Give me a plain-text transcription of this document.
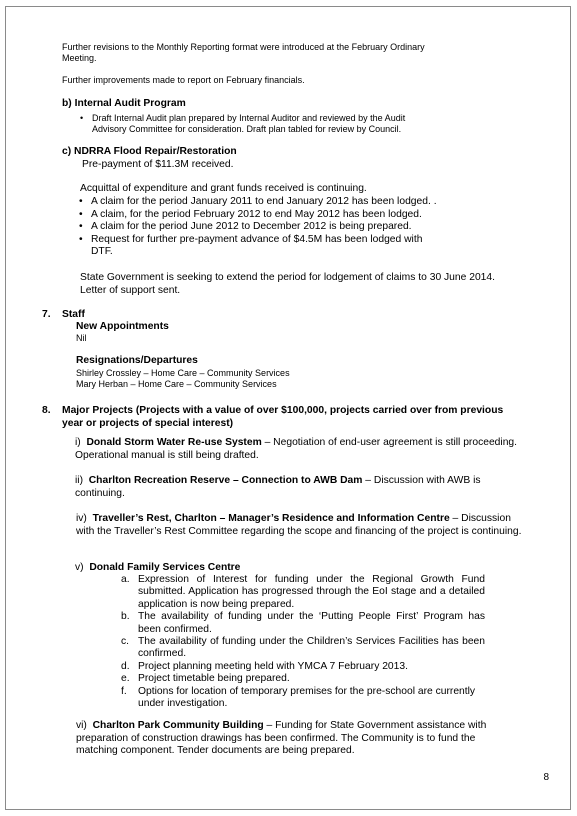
Further revisions to the Monthly Reporting format were introduced at the February Ordinary Meeting.

Further improvements made to report on February financials.

b) Internal Audit Program

• Draft Internal Audit plan prepared by Internal Auditor and reviewed by the Audit Advisory Committee for consideration. Draft plan tabled for review by Council.

c) NDRRA Flood Repair/Restoration

Pre-payment of $11.3M received.

Acquittal of expenditure and grant funds received is continuing.

• A claim for the period January 2011 to end January 2012 has been lodged. .
• A claim, for the period February 2012 to end May 2012 has been lodged.
• A claim for the period June 2012 to December 2012 is being prepared.
• Request for further pre-payment advance of $4.5M has been lodged with DTF.

State Government is seeking to extend the period for lodgement of claims to 30 June 2014. Letter of support sent.

7. Staff

New Appointments

Nil

Resignations/Departures

Shirley Crossley – Home Care – Community Services

Mary Herban – Home Care – Community Services

8. Major Projects (Projects with a value of over $100,000, projects carried over from previous year or projects of special interest)
i) Donald Storm Water Re-use System – Negotiation of end-user agreement is still proceeding. Operational manual is still being drafted.
ii) Charlton Recreation Reserve – Connection to AWB Dam – Discussion with AWB is continuing.
iv) Traveller’s Rest, Charlton – Manager’s Residence and Information Centre – Discussion with the Traveller’s Rest Committee regarding the scope and financing of the project is continuing.
v) Donald Family Services Centre
a. Expression of Interest for funding under the Regional Growth Fund submitted. Application has progressed through the EoI stage and a detailed application is now being prepared.
b. The availability of funding under the ‘Putting People First’ Program has been confirmed.
c. The availability of funding under the Children’s Services Facilities has been confirmed.
d. Project planning meeting held with YMCA 7 February 2013.
e. Project timetable being prepared.
f. Options for location of temporary premises for the pre-school are currently under investigation.
vi) Charlton Park Community Building – Funding for State Government assistance with preparation of construction drawings has been confirmed. The Community is to fund the matching component. Tender documents are being prepared.
8
